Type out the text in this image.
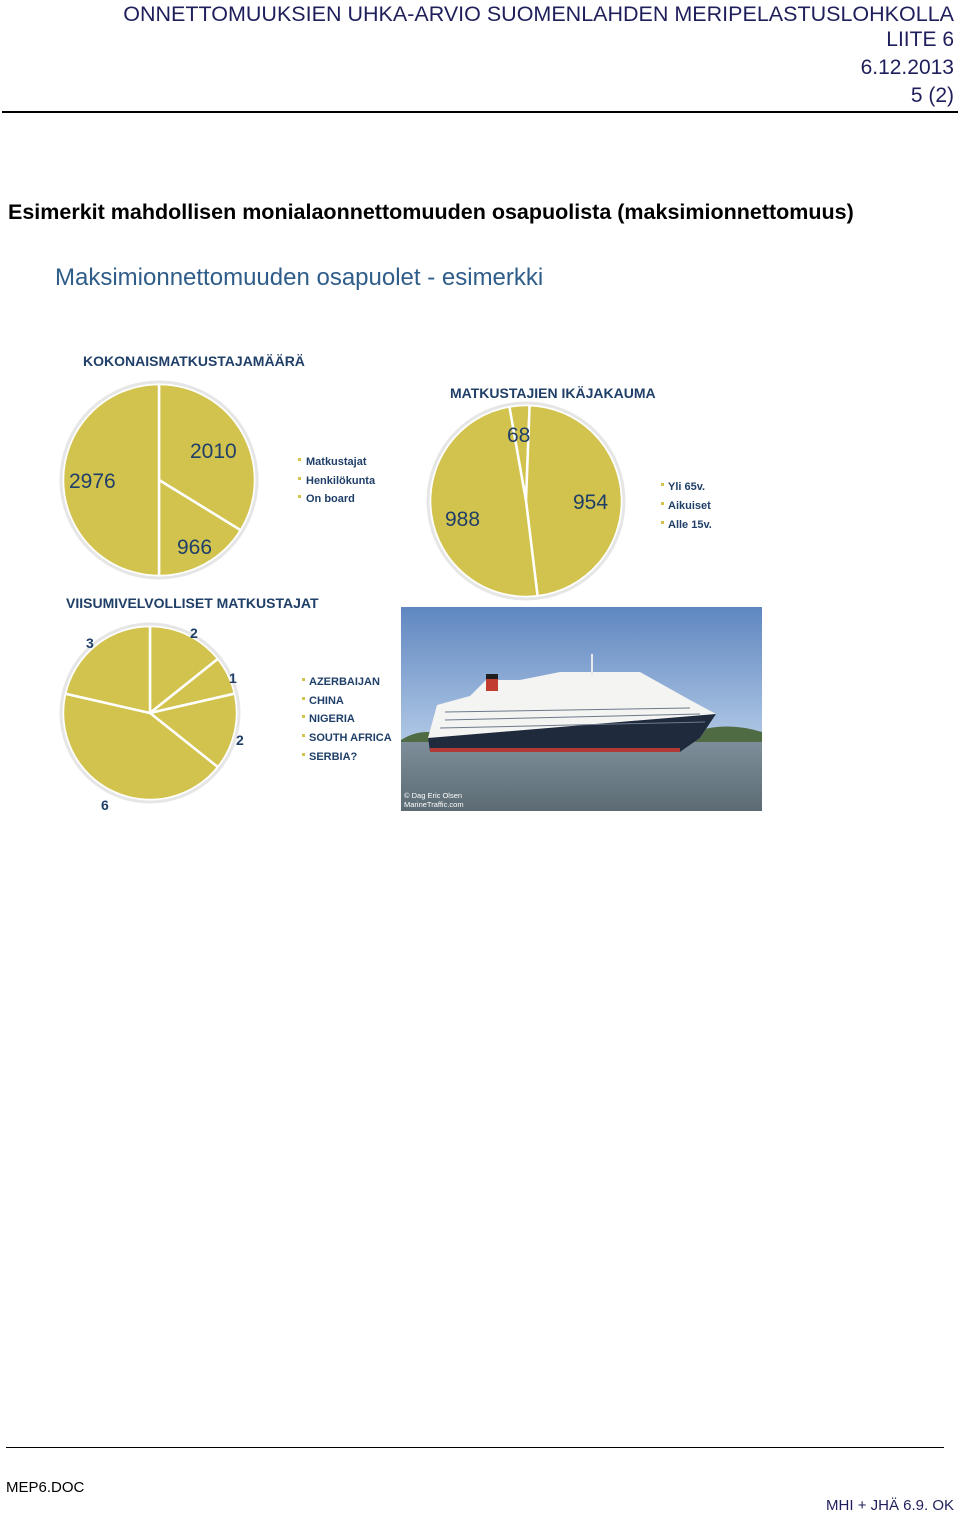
ONNETTOMUUKSIEN UHKA-ARVIO SUOMENLAHDEN MERIPELASTUSLOHKOLLA
LIITE 6
6.12.2013
5 (2)
Esimerkit mahdollisen monialaonnettomuuden osapuolista (maksimionnettomuus)
Maksimionnettomuuden osapuolet - esimerkki
KOKONAISMATKUSTAJAMÄÄRÄ
2010
966
2976
Matkustajat
Henkilökunta
On board
MATKUSTAJIEN IKÄJAKAUMA
68
954
988
Yli 65v.
Aikuiset
Alle 15v.
VIISUMIVELVOLLISET MATKUSTAJAT
2
1
2
6
3
AZERBAIJAN
CHINA
NIGERIA
SOUTH AFRICA
SERBIA?
© Dag Eric Olsen
MarineTraffic.com
MEP6.DOC
MHI + JHÄ 6.9. OK
